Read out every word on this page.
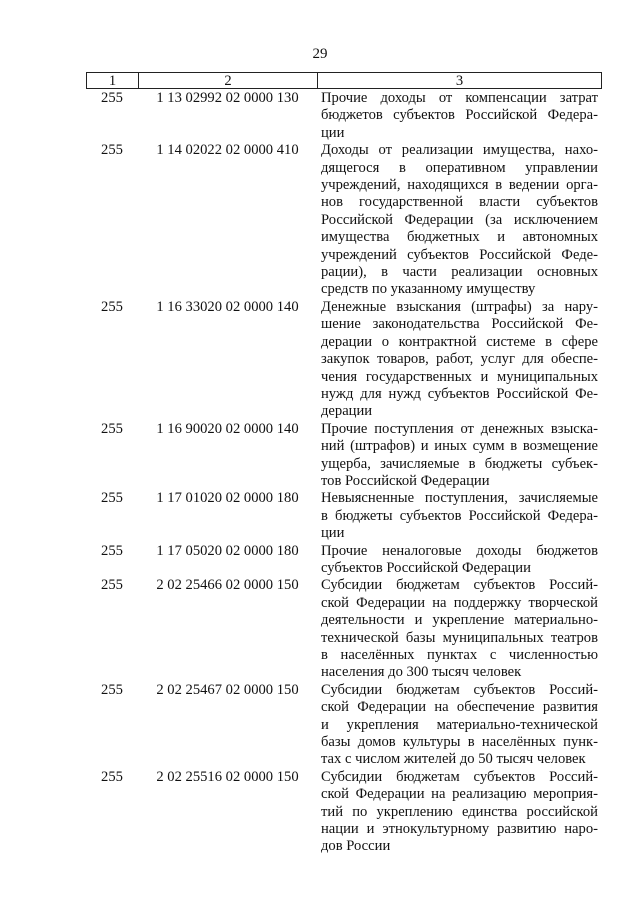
29
1	2	3
255	1 13 02992 02 0000 130	Прочие доходы от компенсации затрат
бюджетов субъектов Российской Федера-
ции
255	1 14 02022 02 0000 410	Доходы от реализации имущества, нахо-
дящегося в оперативном управлении
учреждений, находящихся в ведении орга-
нов государственной власти субъектов
Российской Федерации (за исключением
имущества бюджетных и автономных
учреждений субъектов Российской Феде-
рации), в части реализации основных
средств по указанному имуществу
255	1 16 33020 02 0000 140	Денежные взыскания (штрафы) за нару-
шение законодательства Российской Фе-
дерации о контрактной системе в сфере
закупок товаров, работ, услуг для обеспе-
чения государственных и муниципальных
нужд для нужд субъектов Российской Фе-
дерации
255	1 16 90020 02 0000 140	Прочие поступления от денежных взыска-
ний (штрафов) и иных сумм в возмещение
ущерба, зачисляемые в бюджеты субъек-
тов Российской Федерации
255	1 17 01020 02 0000 180	Невыясненные поступления, зачисляемые
в бюджеты субъектов Российской Федера-
ции
255	1 17 05020 02 0000 180	Прочие неналоговые доходы бюджетов
субъектов Российской Федерации
255	2 02 25466 02 0000 150	Субсидии бюджетам субъектов Россий-
ской Федерации на поддержку творческой
деятельности и укрепление материально-
технической базы муниципальных театров
в населённых пунктах с численностью
населения до 300 тысяч человек
255	2 02 25467 02 0000 150	Субсидии бюджетам субъектов Россий-
ской Федерации на обеспечение развития
и укрепления материально-технической
базы домов культуры в населённых пунк-
тах с числом жителей до 50 тысяч человек
255	2 02 25516 02 0000 150	Субсидии бюджетам субъектов Россий-
ской Федерации на реализацию мероприя-
тий по укреплению единства российской
нации и этнокультурному развитию наро-
дов России
